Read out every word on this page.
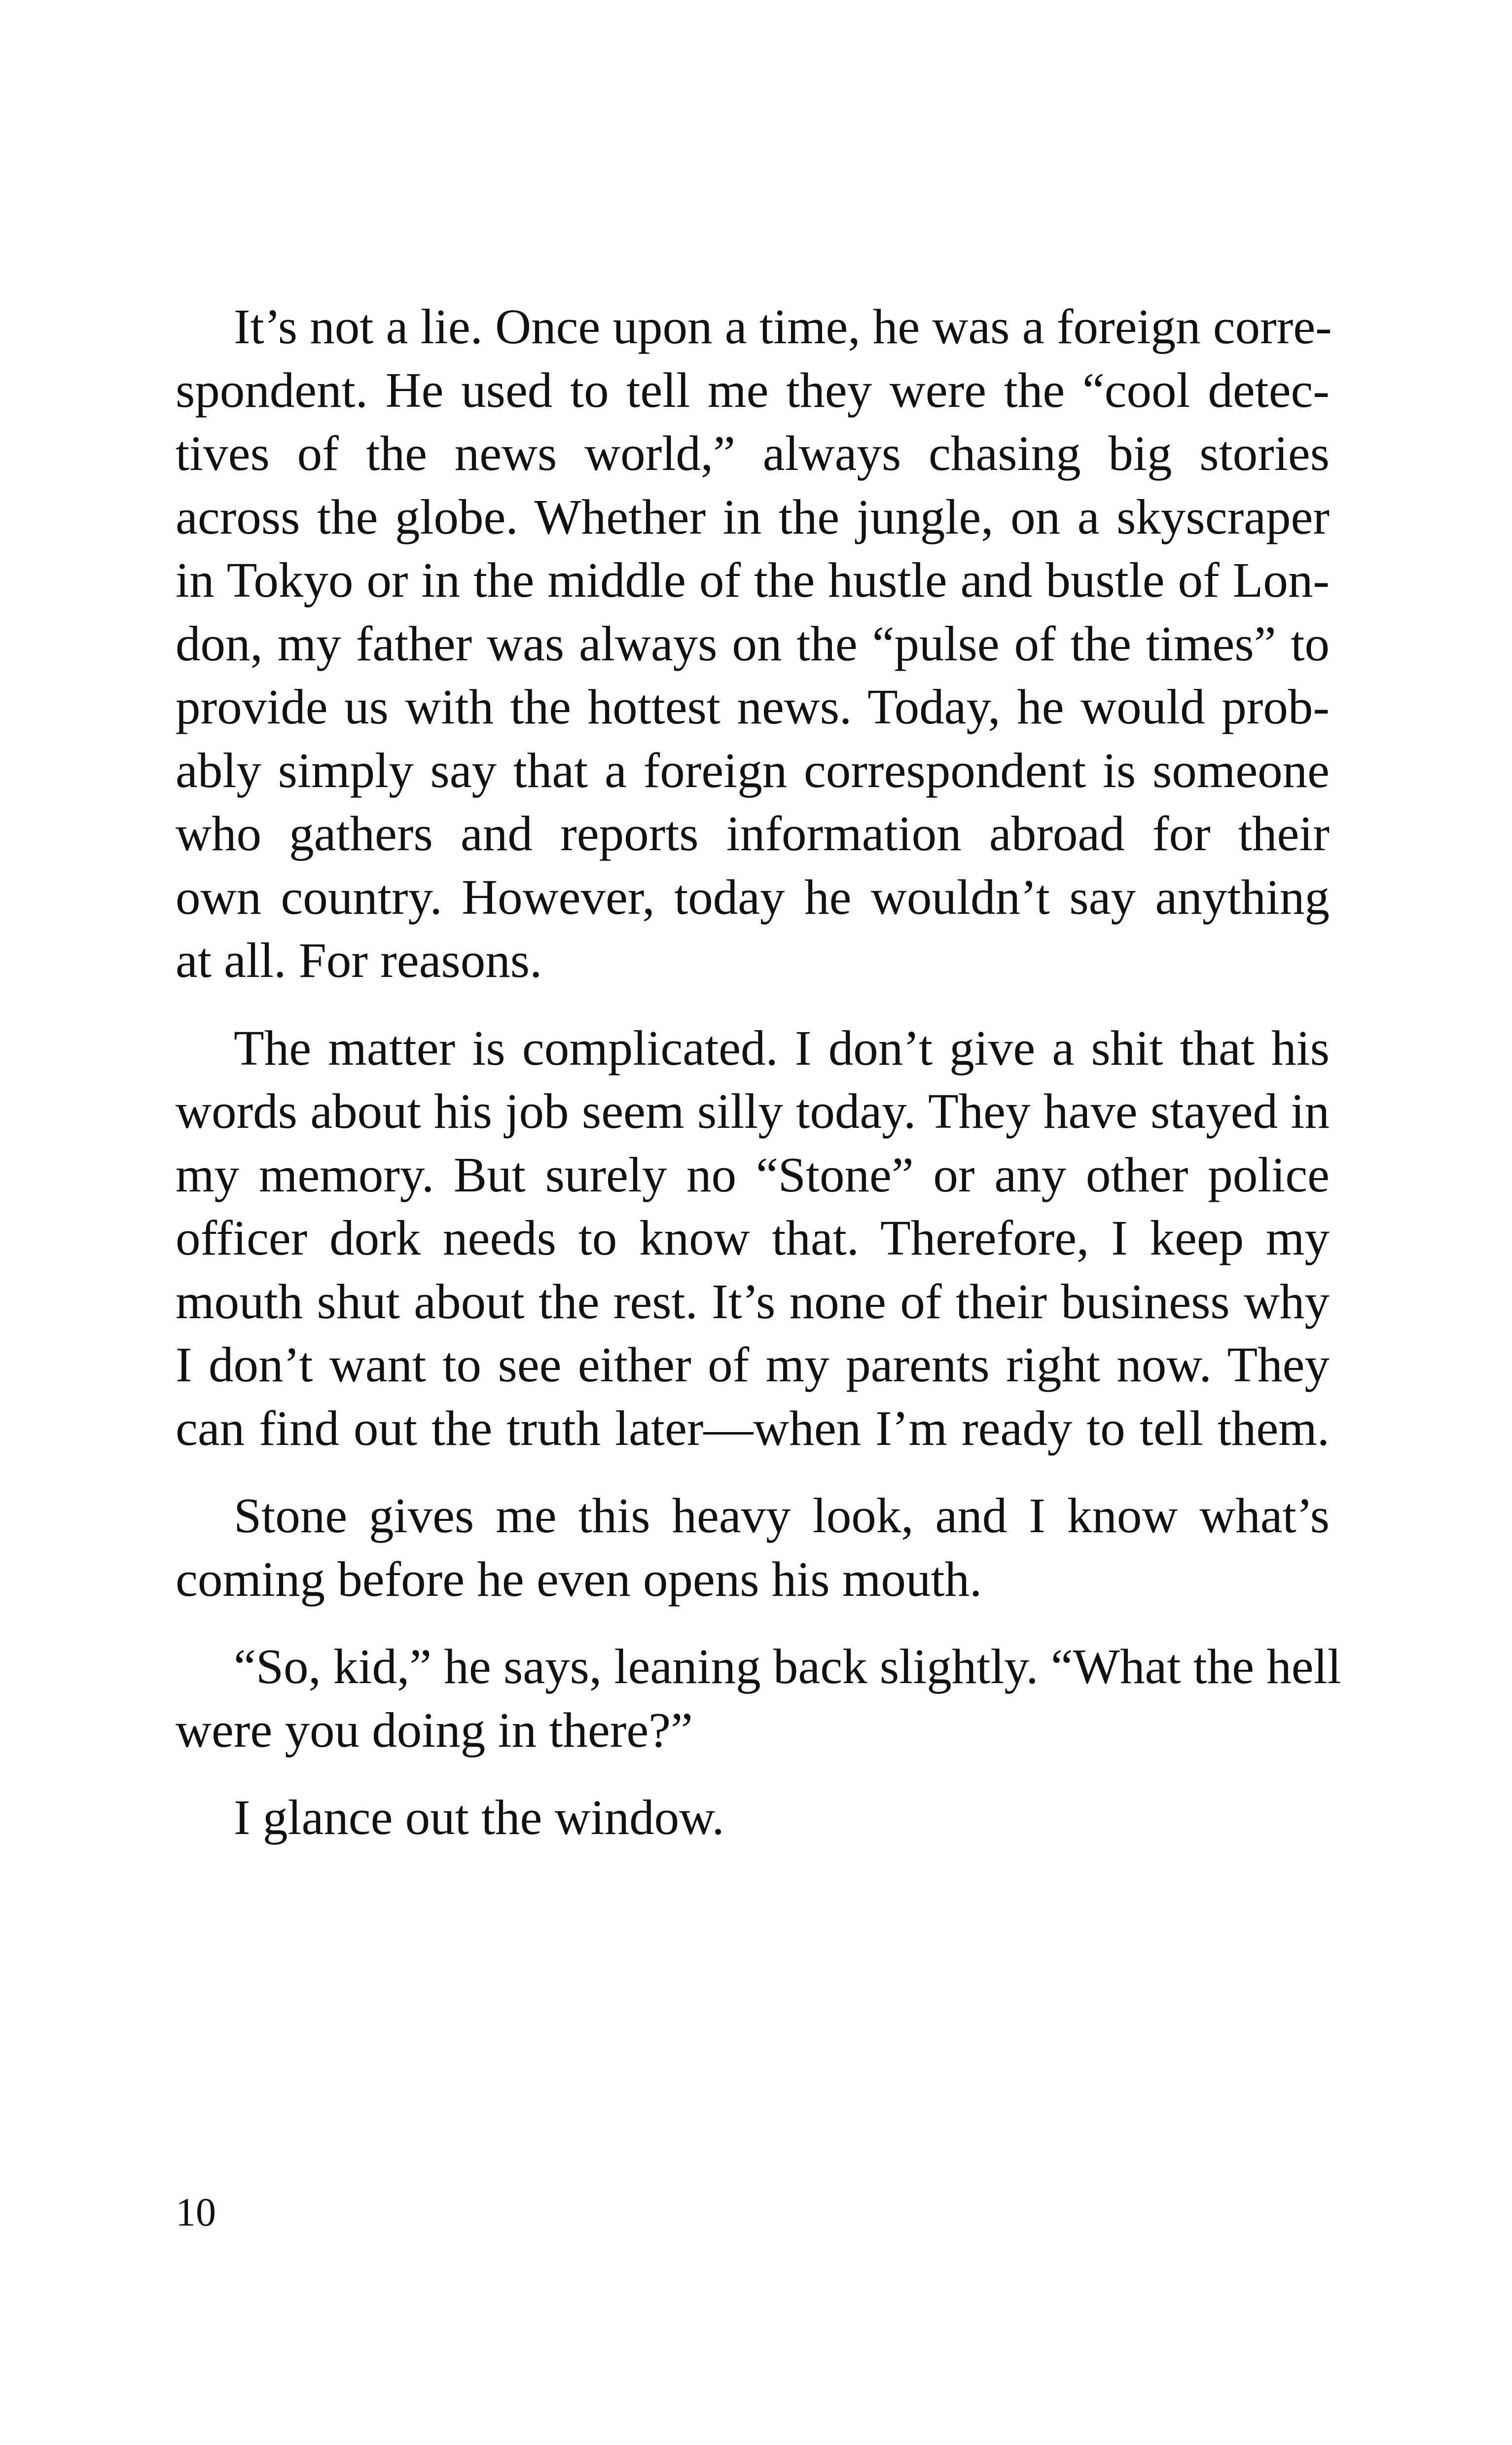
It’s not a lie. Once upon a time, he was a foreign corre-
spondent. He used to tell me they were the “cool detec-
tives of the news world,” always chasing big stories
across the globe. Whether in the jungle, on a skyscraper
in Tokyo or in the middle of the hustle and bustle of Lon-
don, my father was always on the “pulse of the times” to
provide us with the hottest news. Today, he would prob-
ably simply say that a foreign correspondent is someone
who gathers and reports information abroad for their
own country. However, today he wouldn’t say anything
at all. For reasons.

The matter is complicated. I don’t give a shit that his
words about his job seem silly today. They have stayed in
my memory. But surely no “Stone” or any other police
officer dork needs to know that. Therefore, I keep my
mouth shut about the rest. It’s none of their business why
I don’t want to see either of my parents right now. They
can find out the truth later—when I’m ready to tell them.

Stone gives me this heavy look, and I know what’s
coming before he even opens his mouth.

“So, kid,” he says, leaning back slightly. “What the hell
were you doing in there?”

I glance out the window.

10
